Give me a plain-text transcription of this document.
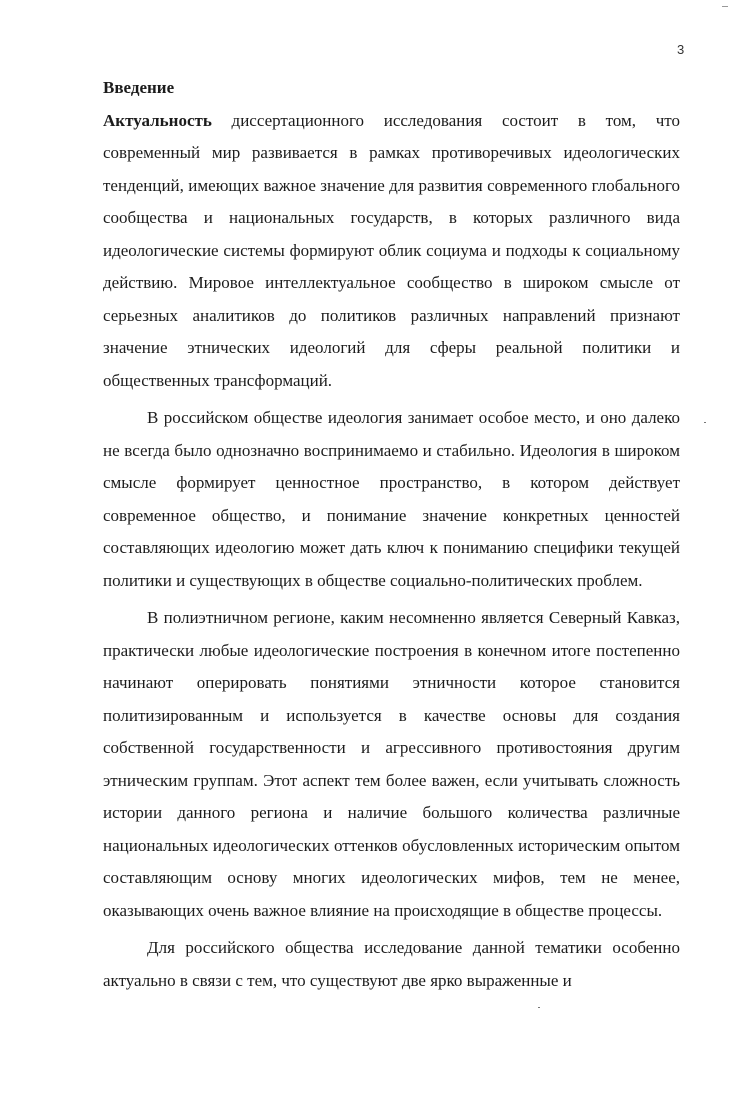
3

Введение

Актуальность диссертационного исследования состоит в том, что современный мир развивается в рамках противоречивых идеологических тенденций, имеющих важное значение для развития современного глобального сообщества и национальных государств, в которых различного вида идеологические системы формируют облик социума и подходы к социальному действию. Мировое интеллектуальное сообщество в широком смысле от серьезных аналитиков до политиков различных направлений признают значение этнических идеологий для сферы реальной политики и общественных трансформаций.

В российском обществе идеология занимает особое место, и оно далеко не всегда было однозначно воспринимаемо и стабильно. Идеология в широком смысле формирует ценностное пространство, в котором действует современное общество, и понимание значение конкретных ценностей составляющих идеологию может дать ключ к пониманию специфики текущей политики и существующих в обществе социально-политических проблем.

В полиэтничном регионе, каким несомненно является Северный Кавказ, практически любые идеологические построения в конечном итоге постепенно начинают оперировать понятиями этничности которое становится политизированным и используется в качестве основы для создания собственной государственности и агрессивного противостояния другим этническим группам. Этот аспект тем более важен, если учитывать сложность истории данного региона и наличие большого количества различные национальных идеологических оттенков обусловленных историческим опытом составляющим основу многих идеологических мифов, тем не менее, оказывающих очень важное влияние на происходящие в обществе процессы.

Для российского общества исследование данной тематики особенно актуально в связи с тем, что существуют две ярко выраженные и
